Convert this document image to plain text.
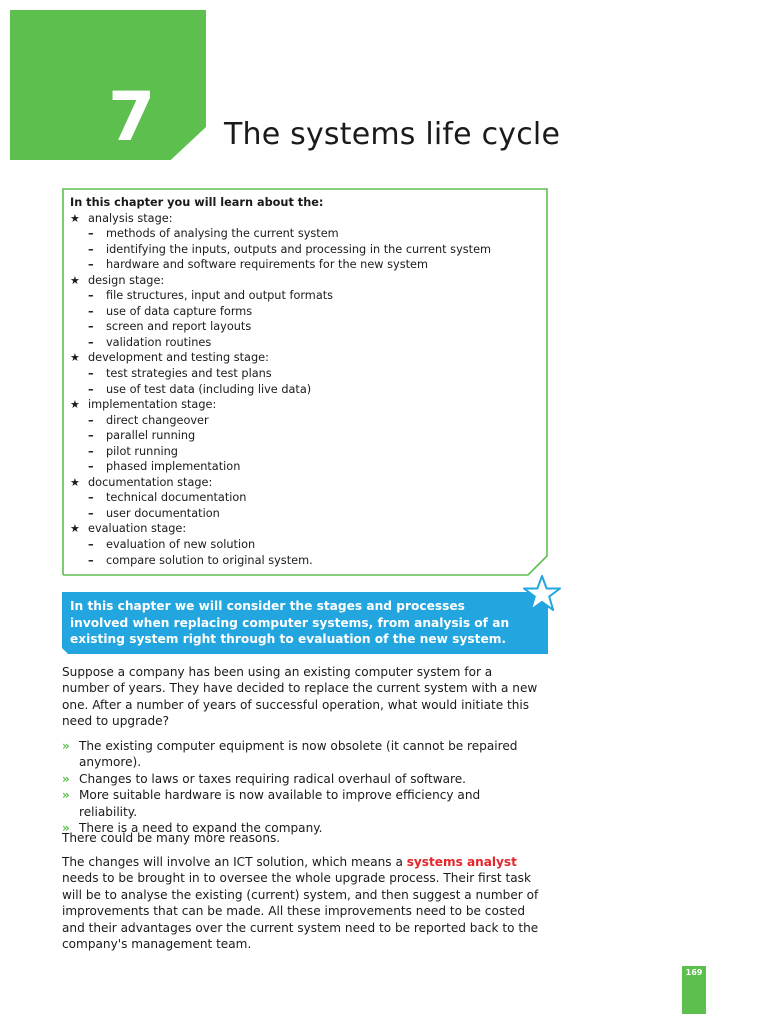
7 The systems life cycle
In this chapter you will learn about the:
★ analysis stage:
–	methods of analysing the current system
–	identifying the inputs, outputs and processing in the current system
–	hardware and software requirements for the new system
★ design stage:
–	file structures, input and output formats
–	use of data capture forms
–	screen and report layouts
–	validation routines
★ development and testing stage:
–	test strategies and test plans
–	use of test data (including live data)
★ implementation stage:
–	direct changeover
–	parallel running
–	pilot running
–	phased implementation
★ documentation stage:
–	technical documentation
–	user documentation
★ evaluation stage:
–	evaluation of new solution
–	compare solution to original system.
In this chapter we will consider the stages and processes involved when replacing computer systems, from analysis of an existing system right through to evaluation of the new system.
Suppose a company has been using an existing computer system for a number of years. They have decided to replace the current system with a new one. After a number of years of successful operation, what would initiate this need to upgrade?
» The existing computer equipment is now obsolete (it cannot be repaired anymore).
» Changes to laws or taxes requiring radical overhaul of software.
» More suitable hardware is now available to improve efficiency and reliability.
» There is a need to expand the company.
There could be many more reasons.
The changes will involve an ICT solution, which means a systems analyst needs to be brought in to oversee the whole upgrade process. Their first task will be to analyse the existing (current) system, and then suggest a number of improvements that can be made. All these improvements need to be costed and their advantages over the current system need to be reported back to the company's management team.
169
